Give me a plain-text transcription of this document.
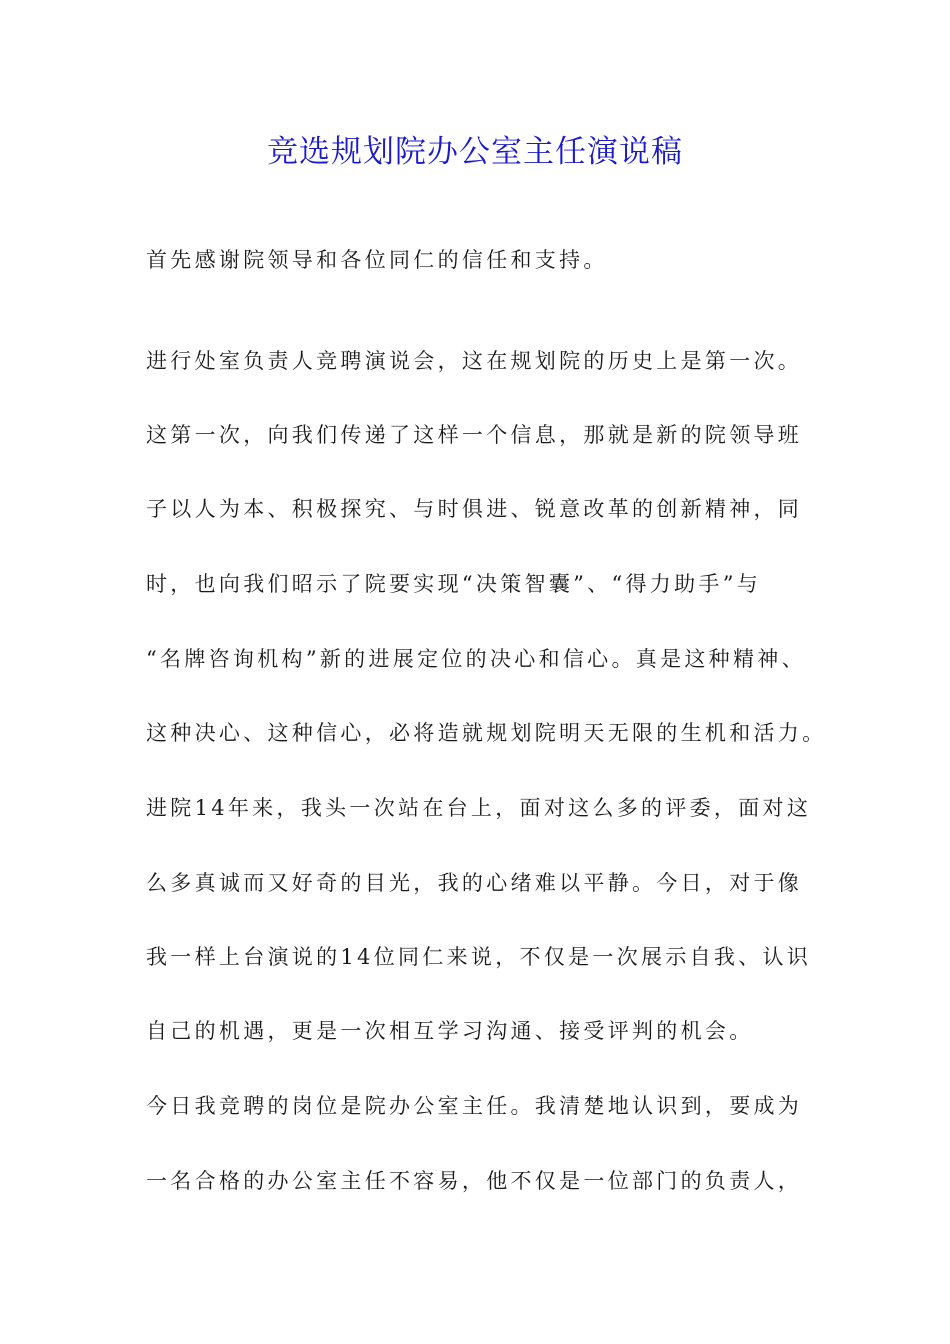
竞选规划院办公室主任演说稿
首先感谢院领导和各位同仁的信任和支持。
进行处室负责人竞聘演说会，这在规划院的历史上是第一次。
这第一次，向我们传递了这样一个信息，那就是新的院领导班
子以人为本、积极探究、与时俱进、锐意改革的创新精神，同
时，也向我们昭示了院要实现“决策智囊”、“得力助手”与
“名牌咨询机构”新的进展定位的决心和信心。真是这种精神、
这种决心、这种信心，必将造就规划院明天无限的生机和活力。
进院14年来，我头一次站在台上，面对这么多的评委，面对这
么多真诚而又好奇的目光，我的心绪难以平静。今日，对于像
我一样上台演说的14位同仁来说，不仅是一次展示自我、认识
自己的机遇，更是一次相互学习沟通、接受评判的机会。
今日我竞聘的岗位是院办公室主任。我清楚地认识到，要成为
一名合格的办公室主任不容易，他不仅是一位部门的负责人，
